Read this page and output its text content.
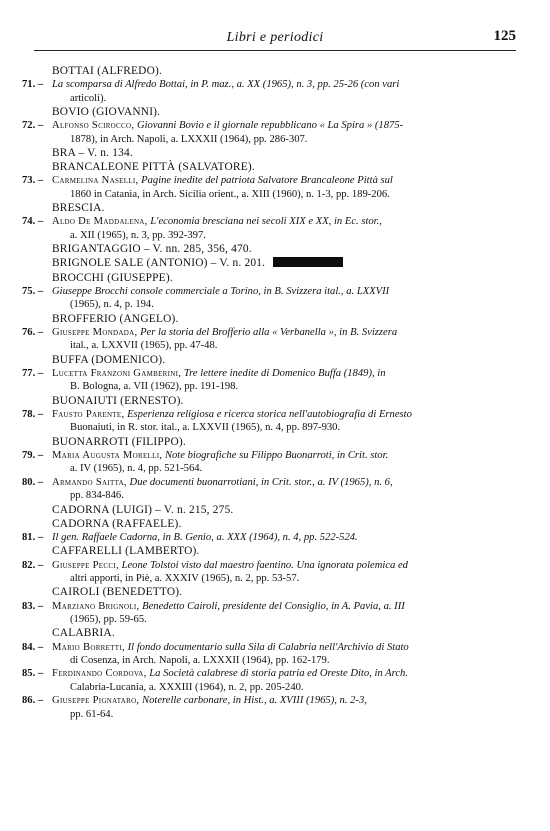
Libri e periodici	125
BOTTAI (ALFREDO).
71. – La scomparsa di Alfredo Bottai, in P. maz., a. XX (1965), n. 3, pp. 25-26 (con vari
articoli).
BOVIO (GIOVANNI).
72. – Alfonso Scirocco, Giovanni Bovio e il giornale repubblicano « La Spira » (1875-
1878), in Arch. Napoli, a. LXXXII (1964), pp. 286-307.
BRA – V. n. 134.
BRANCALEONE PITTÀ (SALVATORE).
73. – Carmelina Naselli, Pagine inedite del patriota Salvatore Brancaleone Pittà sul
1860 in Catania, in Arch. Sicilia orient., a. XIII (1960), n. 1-3, pp. 189-206.
BRESCIA.
74. – Aldo De Maddalena, L'economia bresciana nei secoli XIX e XX, in Ec. stor.,
a. XII (1965), n. 3, pp. 392-397.
BRIGANTAGGIO – V. nn. 285, 356, 470.
BRIGNOLE SALE (ANTONIO) – V. n. 201.
BROCCHI (GIUSEPPE).
75. – Giuseppe Brocchi console commerciale a Torino, in B. Svizzera ital., a. LXXVII
(1965), n. 4, p. 194.
BROFFERIO (ANGELO).
76. – Giuseppe Mondada, Per la storia del Brofferio alla « Verbanella », in B. Svizzera
ital., a. LXXVII (1965), pp. 47-48.
BUFFA (DOMENICO).
77. – Lucetta Franzoni Gamberini, Tre lettere inedite di Domenico Buffa (1849), in
B. Bologna, a. VII (1962), pp. 191-198.
BUONAIUTI (ERNESTO).
78. – Fausto Parente, Esperienza religiosa e ricerca storica nell'autobiografia di Ernesto
Buonaiuti, in R. stor. ital., a. LXXVII (1965), n. 4, pp. 897-930.
BUONARROTI (FILIPPO).
79. – Maria Augusta Morelli, Note biografiche su Filippo Buonarroti, in Crit. stor.
a. IV (1965), n. 4, pp. 521-564.
80. – Armando Saitta, Due documenti buonarrotiani, in Crit. stor., a. IV (1965), n. 6,
pp. 834-846.
CADORNA (LUIGI) – V. n. 215, 275.
CADORNA (RAFFAELE).
81. – Il gen. Raffaele Cadorna, in B. Genio, a. XXX (1964), n. 4, pp. 522-524.
CAFFARELLI (LAMBERTO).
82. – Giuseppe Pecci, Leone Tolstoi visto dal maestro faentino. Una ignorata polemica ed
altri apporti, in Piè, a. XXXIV (1965), n. 2, pp. 53-57.
CAIROLI (BENEDETTO).
83. – Marziano Brignoli, Benedetto Cairoli, presidente del Consiglio, in A. Pavia, a. III
(1965), pp. 59-65.
CALABRIA.
84. – Mario Borretti, Il fondo documentario sulla Sila di Calabria nell'Archivio di Stato
di Cosenza, in Arch. Napoli, a. LXXXII (1964), pp. 162-179.
85. – Ferdinando Cordova, La Società calabrese di storia patria ed Oreste Dito, in Arch.
Calabria-Lucania, a. XXXIII (1964), n. 2, pp. 205-240.
86. – Giuseppe Pignataro, Noterelle carbonare, in Hist., a. XVIII (1965), n. 2-3,
pp. 61-64.
